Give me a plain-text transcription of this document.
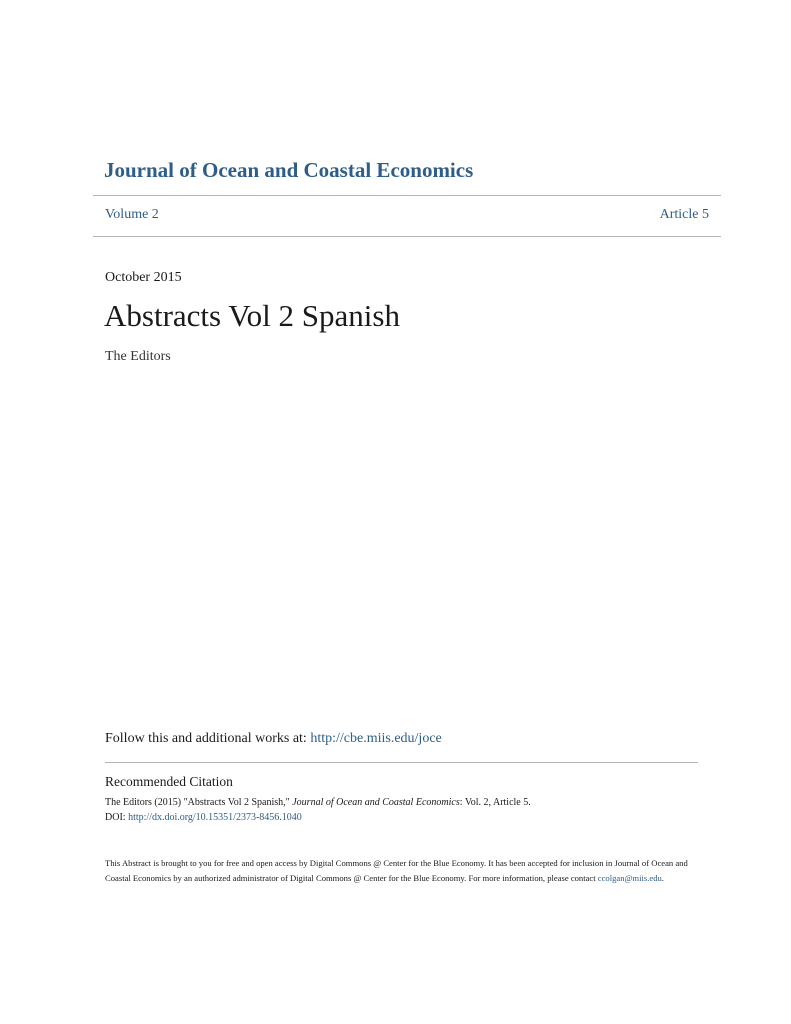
Journal of Ocean and Coastal Economics
Volume 2	Article 5
October 2015
Abstracts Vol 2 Spanish
The Editors
Follow this and additional works at: http://cbe.miis.edu/joce
Recommended Citation
The Editors (2015) "Abstracts Vol 2 Spanish," Journal of Ocean and Coastal Economics: Vol. 2, Article 5.
DOI: http://dx.doi.org/10.15351/2373-8456.1040
This Abstract is brought to you for free and open access by Digital Commons @ Center for the Blue Economy. It has been accepted for inclusion in Journal of Ocean and Coastal Economics by an authorized administrator of Digital Commons @ Center for the Blue Economy. For more information, please contact ccolgan@miis.edu.
